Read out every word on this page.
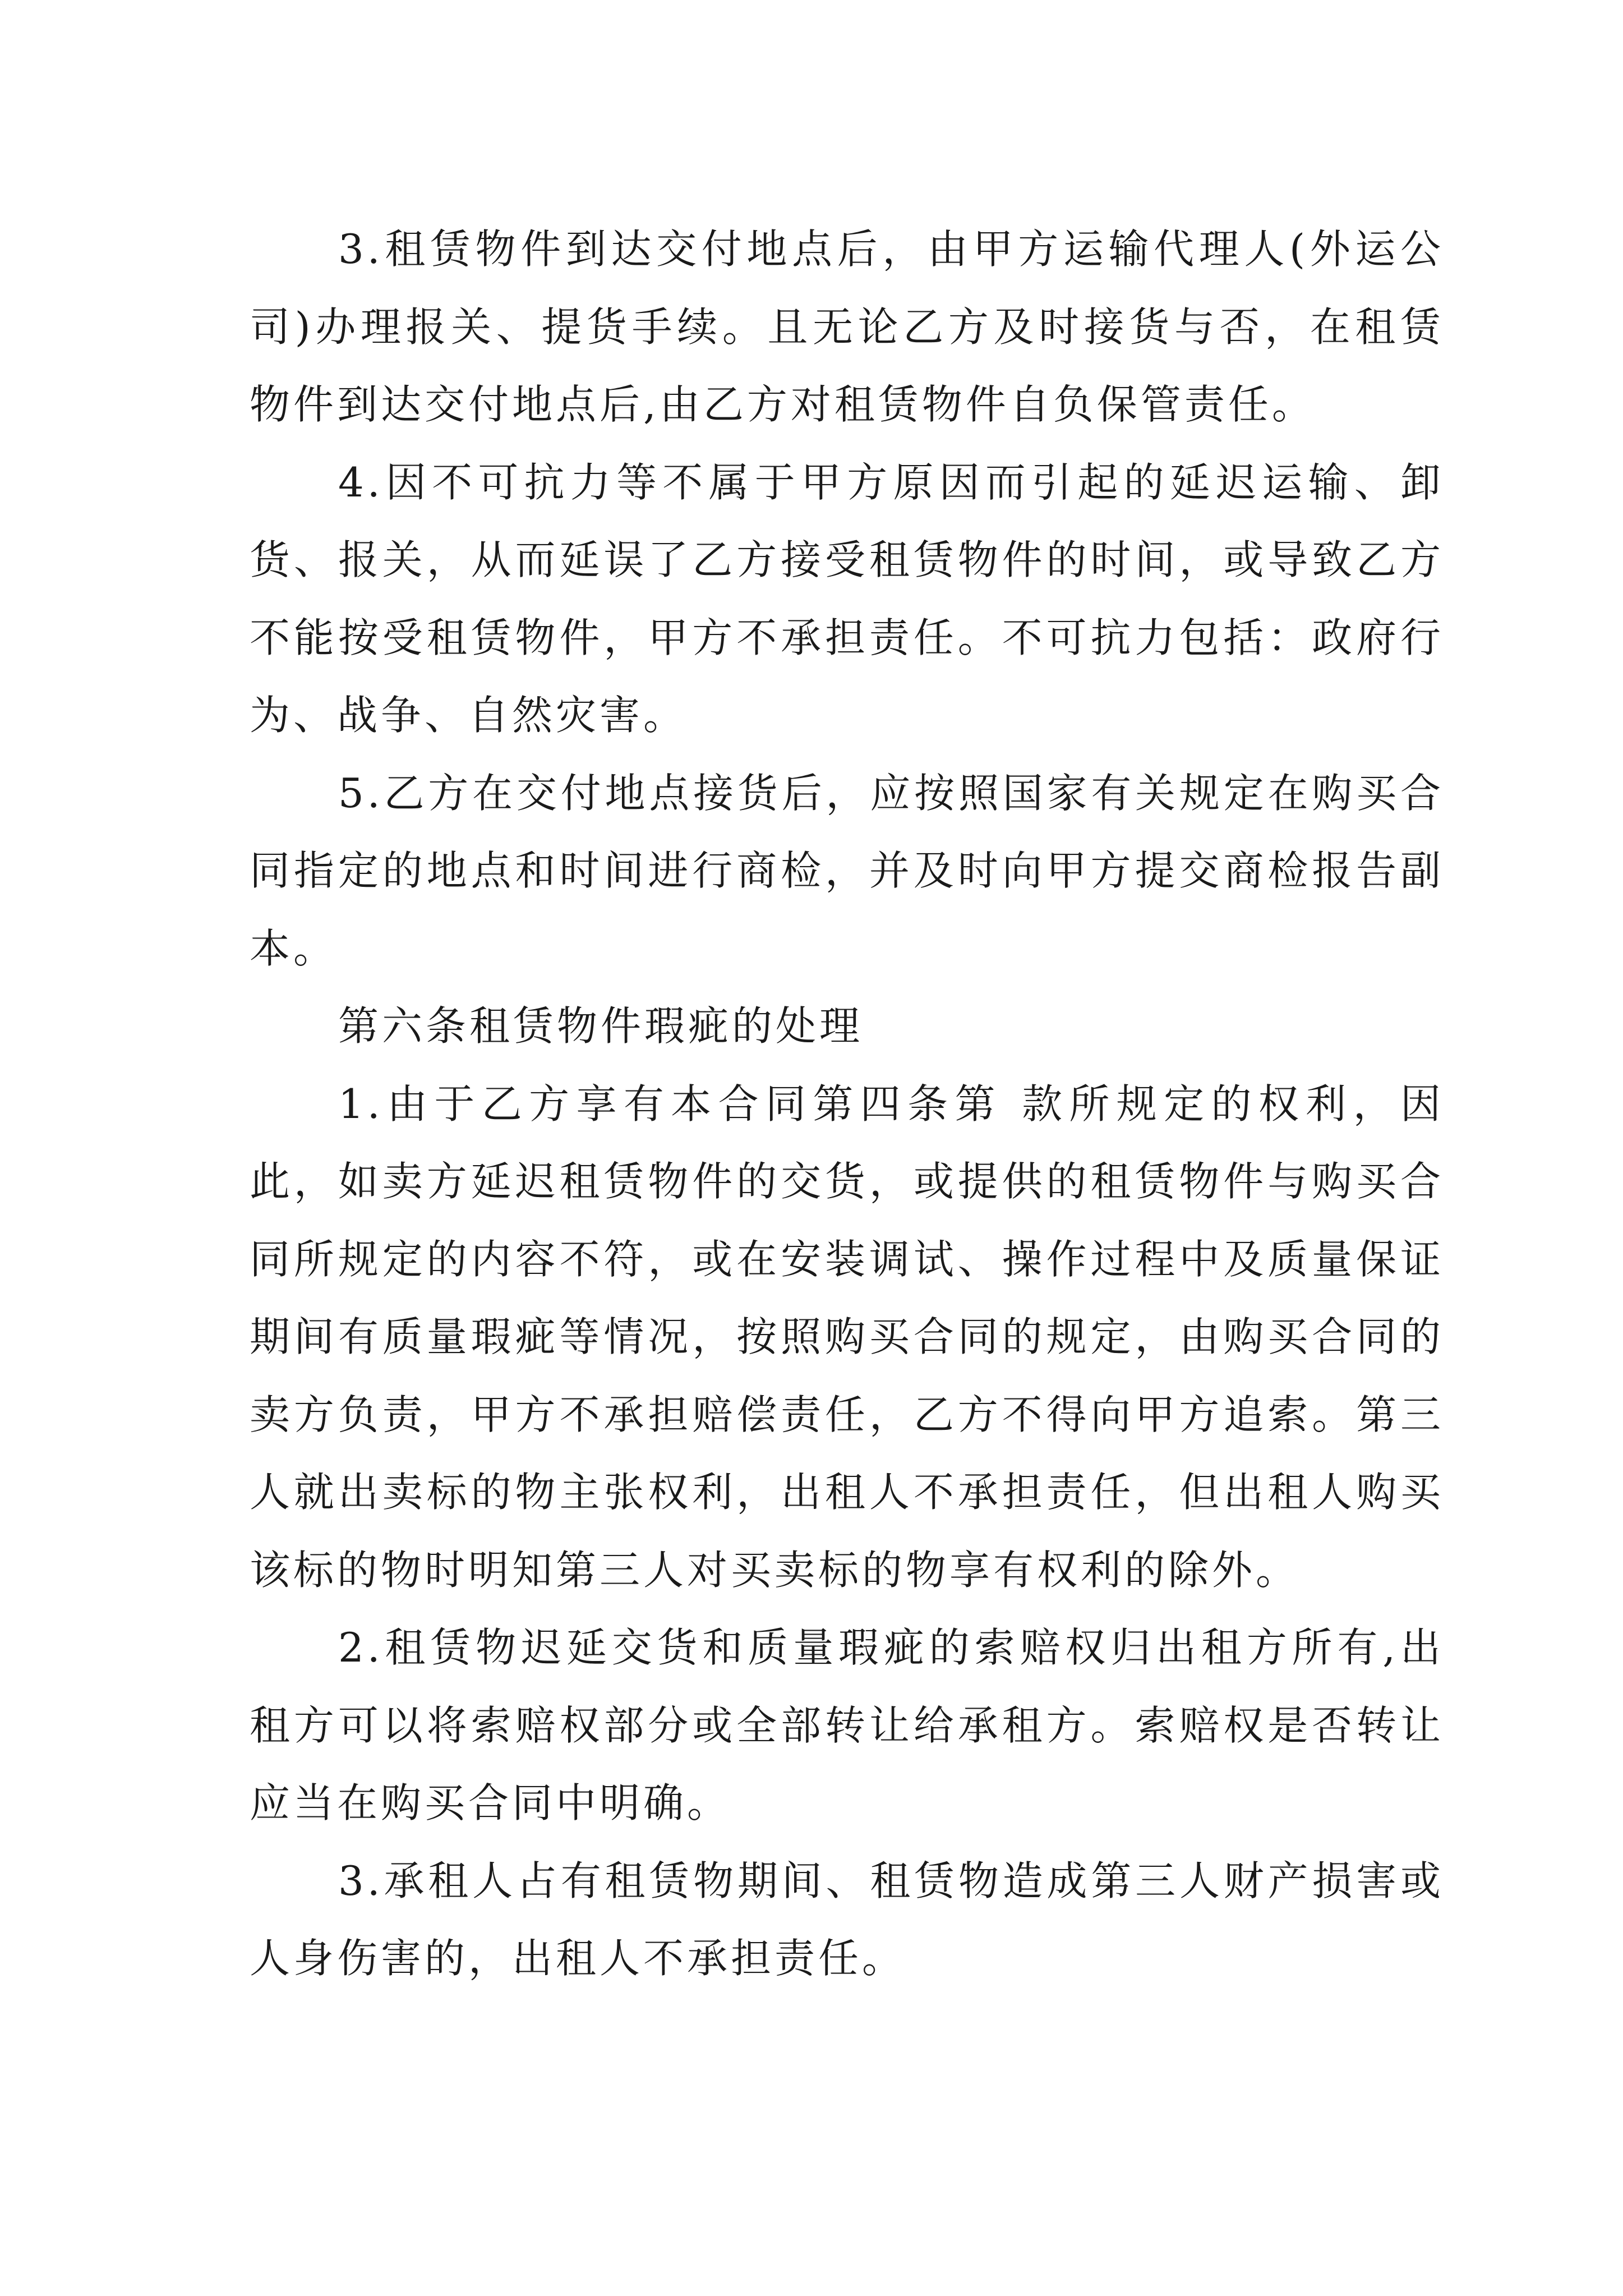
3.租赁物件到达交付地点后，由甲方运输代理人(外运公司)办理报关、提货手续。且无论乙方及时接货与否，在租赁物件到达交付地点后,由乙方对租赁物件自负保管责任。

4.因不可抗力等不属于甲方原因而引起的延迟运输、卸货、报关，从而延误了乙方接受租赁物件的时间，或导致乙方不能按受租赁物件，甲方不承担责任。不可抗力包括：政府行为、战争、自然灾害。

5.乙方在交付地点接货后，应按照国家有关规定在购买合同指定的地点和时间进行商检，并及时向甲方提交商检报告副本。

第六条租赁物件瑕疵的处理

1.由于乙方享有本合同第四条第 款所规定的权利，因此，如卖方延迟租赁物件的交货，或提供的租赁物件与购买合同所规定的内容不符，或在安装调试、操作过程中及质量保证期间有质量瑕疵等情况，按照购买合同的规定，由购买合同的卖方负责，甲方不承担赔偿责任，乙方不得向甲方追索。第三人就出卖标的物主张权利，出租人不承担责任，但出租人购买该标的物时明知第三人对买卖标的物享有权利的除外。

2.租赁物迟延交货和质量瑕疵的索赔权归出租方所有,出租方可以将索赔权部分或全部转让给承租方。索赔权是否转让应当在购买合同中明确。

3.承租人占有租赁物期间、租赁物造成第三人财产损害或人身伤害的，出租人不承担责任。
